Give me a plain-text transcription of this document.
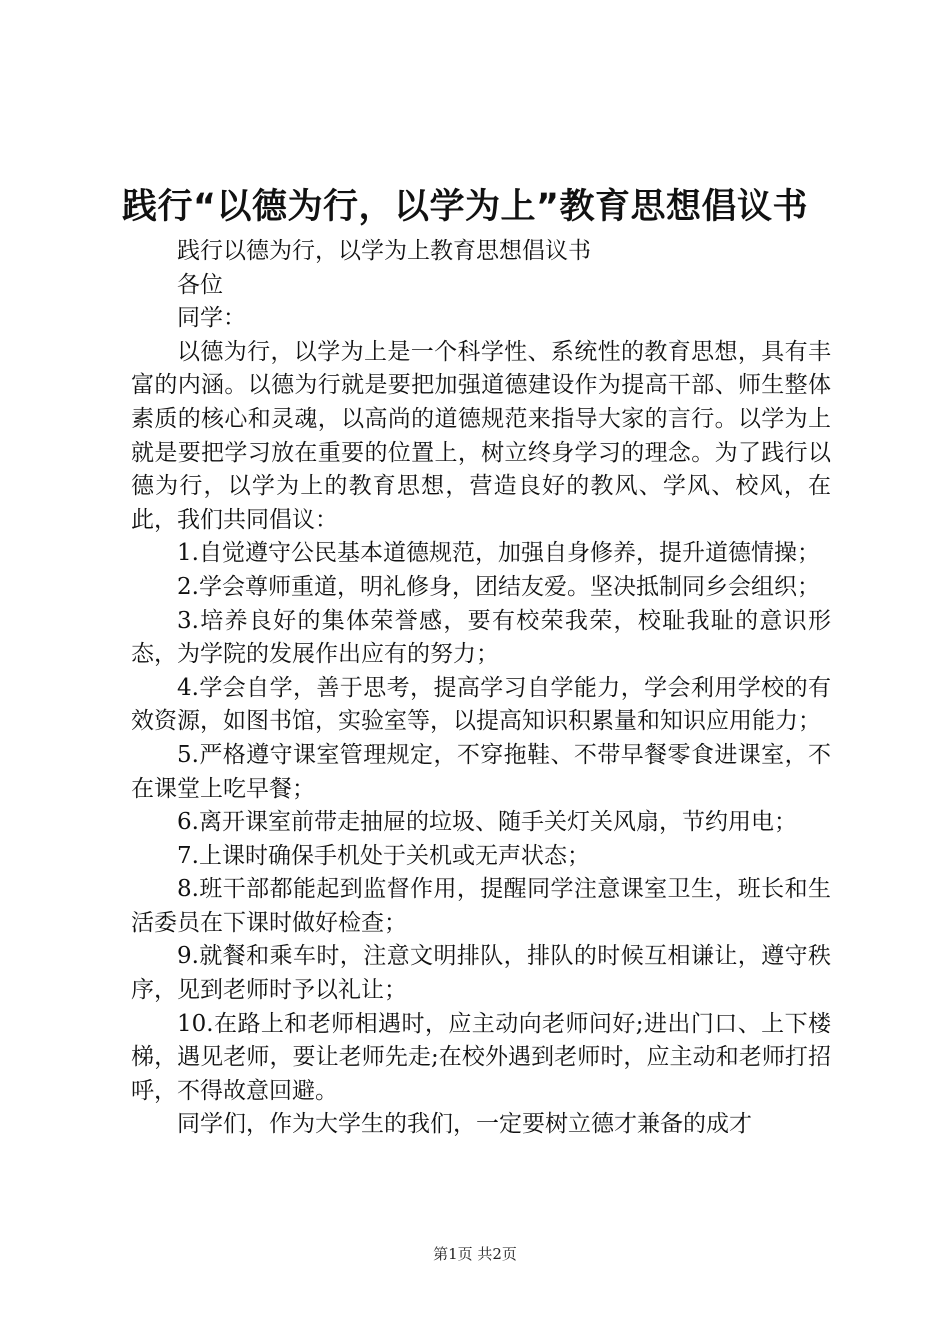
践行“以德为行，以学为上”教育思想倡议书

践行以德为行，以学为上教育思想倡议书

各位

同学：

以德为行，以学为上是一个科学性、系统性的教育思想，具有丰富的内涵。以德为行就是要把加强道德建设作为提高干部、师生整体素质的核心和灵魂，以高尚的道德规范来指导大家的言行。以学为上就是要把学习放在重要的位置上，树立终身学习的理念。为了践行以德为行，以学为上的教育思想，营造良好的教风、学风、校风，在此，我们共同倡议：

1.自觉遵守公民基本道德规范，加强自身修养，提升道德情操；

2.学会尊师重道，明礼修身，团结友爱。坚决抵制同乡会组织；

3.培养良好的集体荣誉感，要有校荣我荣，校耻我耻的意识形态，为学院的发展作出应有的努力；

4.学会自学，善于思考，提高学习自学能力，学会利用学校的有效资源，如图书馆，实验室等，以提高知识积累量和知识应用能力；

5.严格遵守课室管理规定，不穿拖鞋、不带早餐零食进课室，不在课堂上吃早餐；

6.离开课室前带走抽屉的垃圾、随手关灯关风扇，节约用电；

7.上课时确保手机处于关机或无声状态；

8.班干部都能起到监督作用，提醒同学注意课室卫生，班长和生活委员在下课时做好检查；

9.就餐和乘车时，注意文明排队，排队的时候互相谦让，遵守秩序，见到老师时予以礼让；

10.在路上和老师相遇时，应主动向老师问好;进出门口、上下楼梯，遇见老师，要让老师先走;在校外遇到老师时，应主动和老师打招呼，不得故意回避。

同学们，作为大学生的我们，一定要树立德才兼备的成才

第1页 共2页
